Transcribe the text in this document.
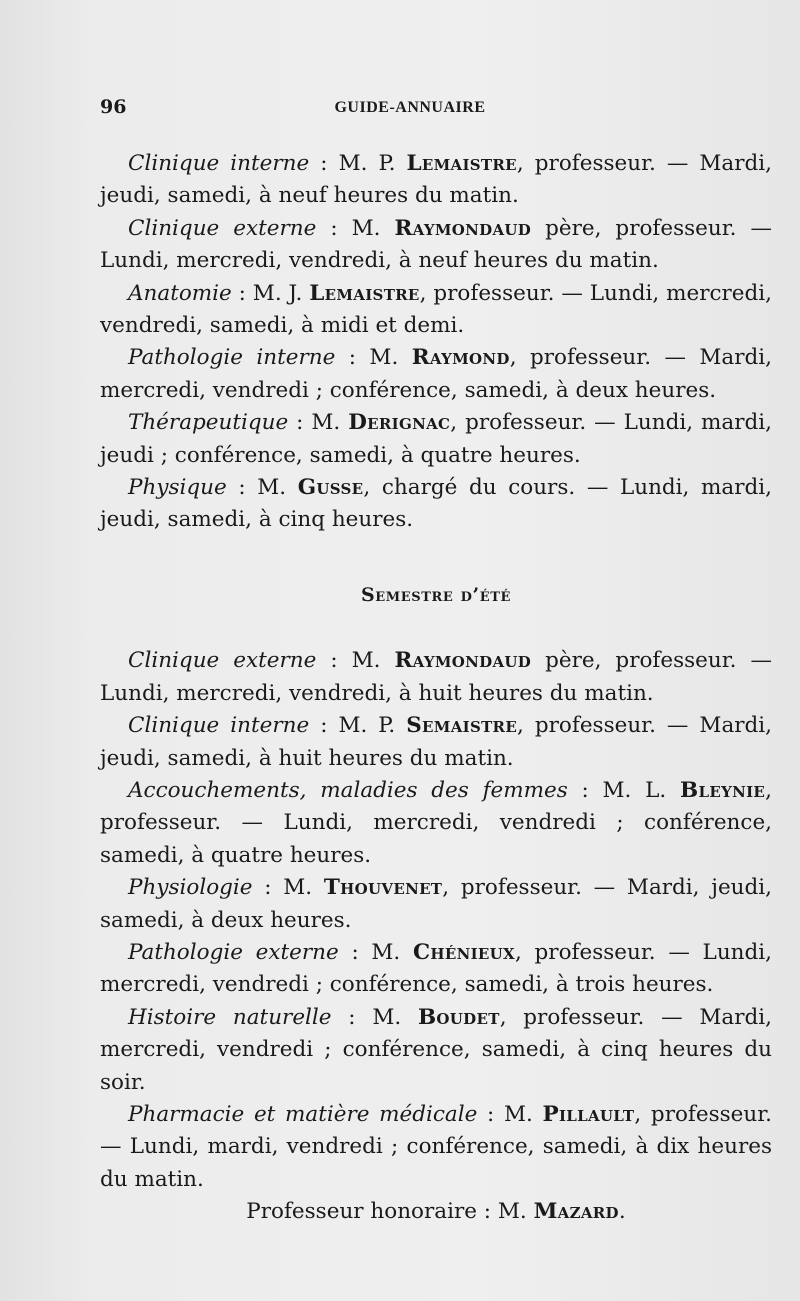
96	GUIDE-ANNUAIRE

Clinique interne : M. P. Lemaistre, professeur. — Mardi, jeudi, samedi, à neuf heures du matin.

Clinique externe : M. Raymondaud père, professeur. — Lundi, mercredi, vendredi, à neuf heures du matin.

Anatomie : M. J. Lemaistre, professeur. — Lundi, mercredi, vendredi, samedi, à midi et demi.

Pathologie interne : M. Raymond, professeur. — Mardi, mercredi, vendredi ; conférence, samedi, à deux heures.

Thérapeutique : M. Derignac, professeur. — Lundi, mardi, jeudi ; conférence, samedi, à quatre heures.

Physique : M. Gusse, chargé du cours. — Lundi, mardi, jeudi, samedi, à cinq heures.

Semestre d’été

Clinique externe : M. Raymondaud père, professeur. — Lundi, mercredi, vendredi, à huit heures du matin.

Clinique interne : M. P. Semaistre, professeur. — Mardi, jeudi, samedi, à huit heures du matin.

Accouchements, maladies des femmes : M. L. Bleynie, professeur. — Lundi, mercredi, vendredi ; conférence, samedi, à quatre heures.

Physiologie : M. Thouvenet, professeur. — Mardi, jeudi, samedi, à deux heures.

Pathologie externe : M. Chénieux, professeur. — Lundi, mercredi, vendredi ; conférence, samedi, à trois heures.

Histoire naturelle : M. Boudet, professeur. — Mardi, mercredi, vendredi ; conférence, samedi, à cinq heures du soir.

Pharmacie et matière médicale : M. Pillault, professeur. — Lundi, mardi, vendredi ; conférence, samedi, à dix heures du matin.

Professeur honoraire : M. Mazard.
